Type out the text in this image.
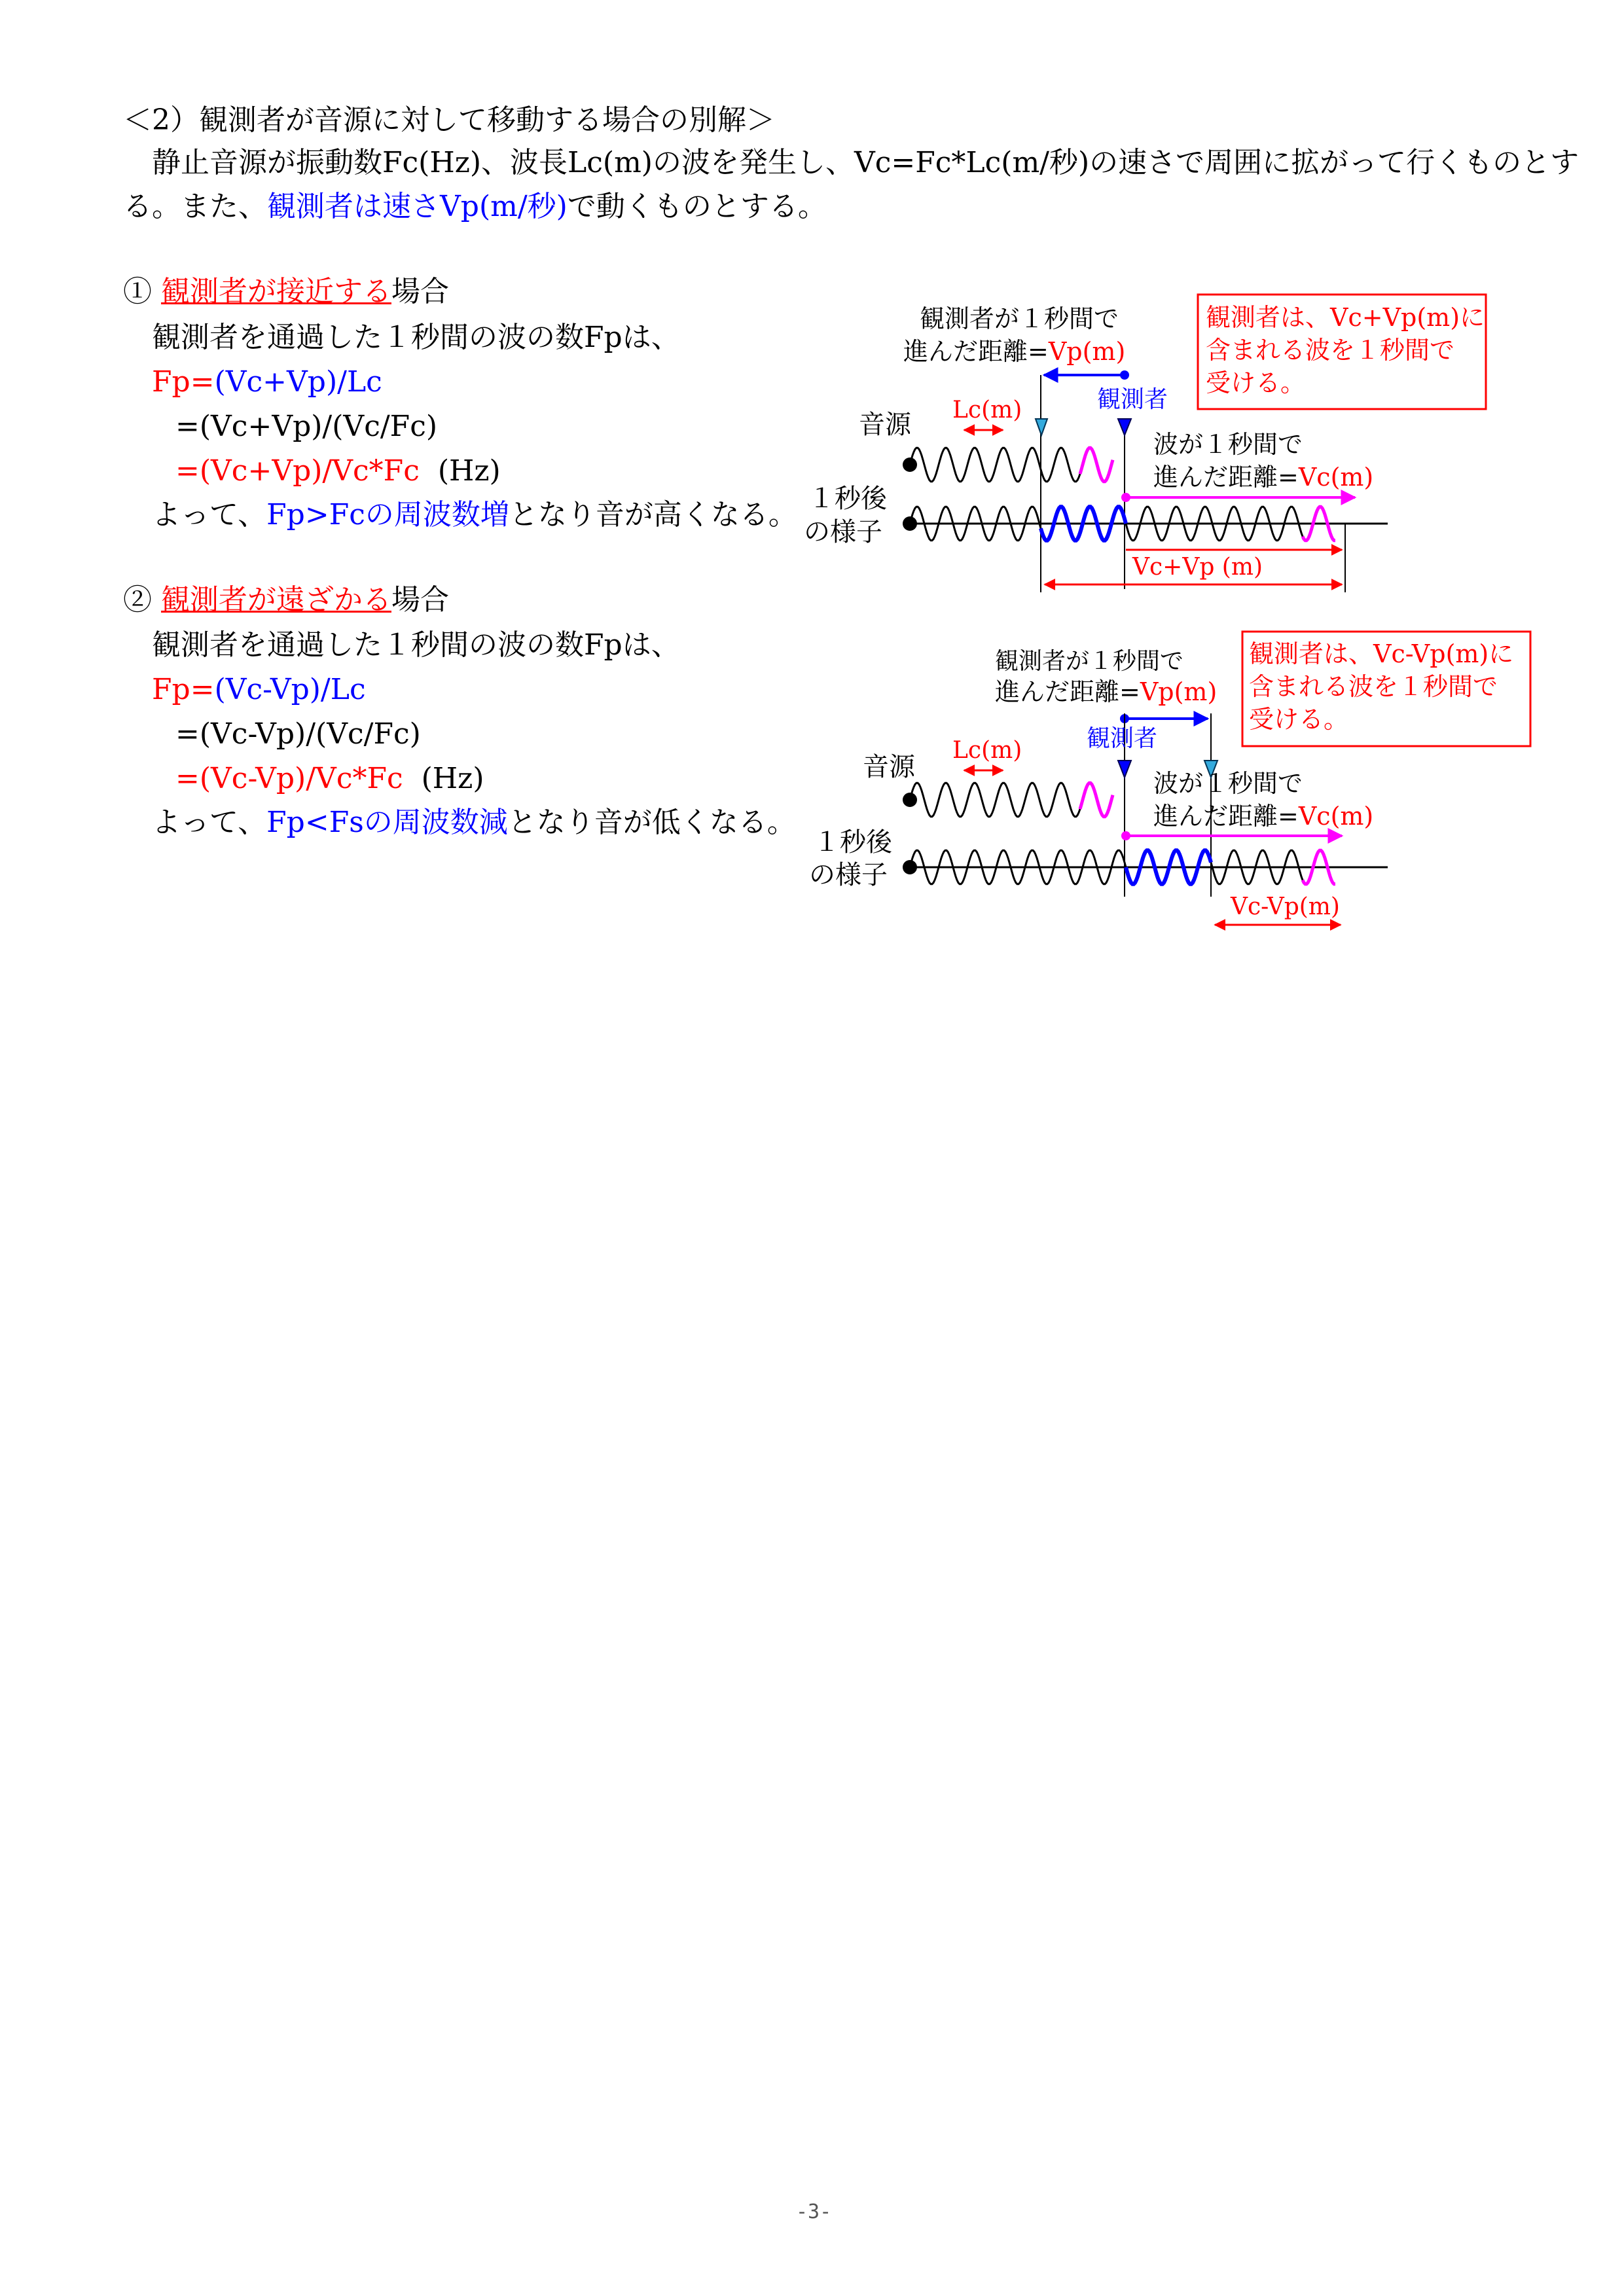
＜2）観測者が音源に対して移動する場合の別解＞
静止音源が振動数Fc(Hz)、波長Lc(m)の波を発生し、Vc=Fc*Lc(m/秒)の速さで周囲に拡がって行くものとす
る。また、観測者は速さVp(m/秒)で動くものとする。
① 観測者が接近する場合
観測者を通過した１秒間の波の数Fpは、
Fp=(Vc+Vp)/Lc
=(Vc+Vp)/(Vc/Fc)
=(Vc+Vp)/Vc*Fc (Hz)
よって、Fp>Fcの周波数増となり音が高くなる。
② 観測者が遠ざかる場合
観測者を通過した１秒間の波の数Fpは、
Fp=(Vc-Vp)/Lc
=(Vc-Vp)/(Vc/Fc)
=(Vc-Vp)/Vc*Fc (Hz)
よって、Fp<Fsの周波数減となり音が低くなる。
観測者が１秒間で
進んだ距離=Vp(m)
観測者は、Vc+Vp(m)に
含まれる波を１秒間で
受ける。
Lc(m)	観測者
音源
波が１秒間で
進んだ距離=Vc(m)
１秒後
の様子
Vc+Vp (m)
観測者が１秒間で
進んだ距離=Vp(m)
観測者は、Vc-Vp(m)に
含まれる波を１秒間で
受ける。
Lc(m)	観測者
音源
波が１秒間で
進んだ距離=Vc(m)
１秒後
の様子
Vc-Vp(m)
-3-
